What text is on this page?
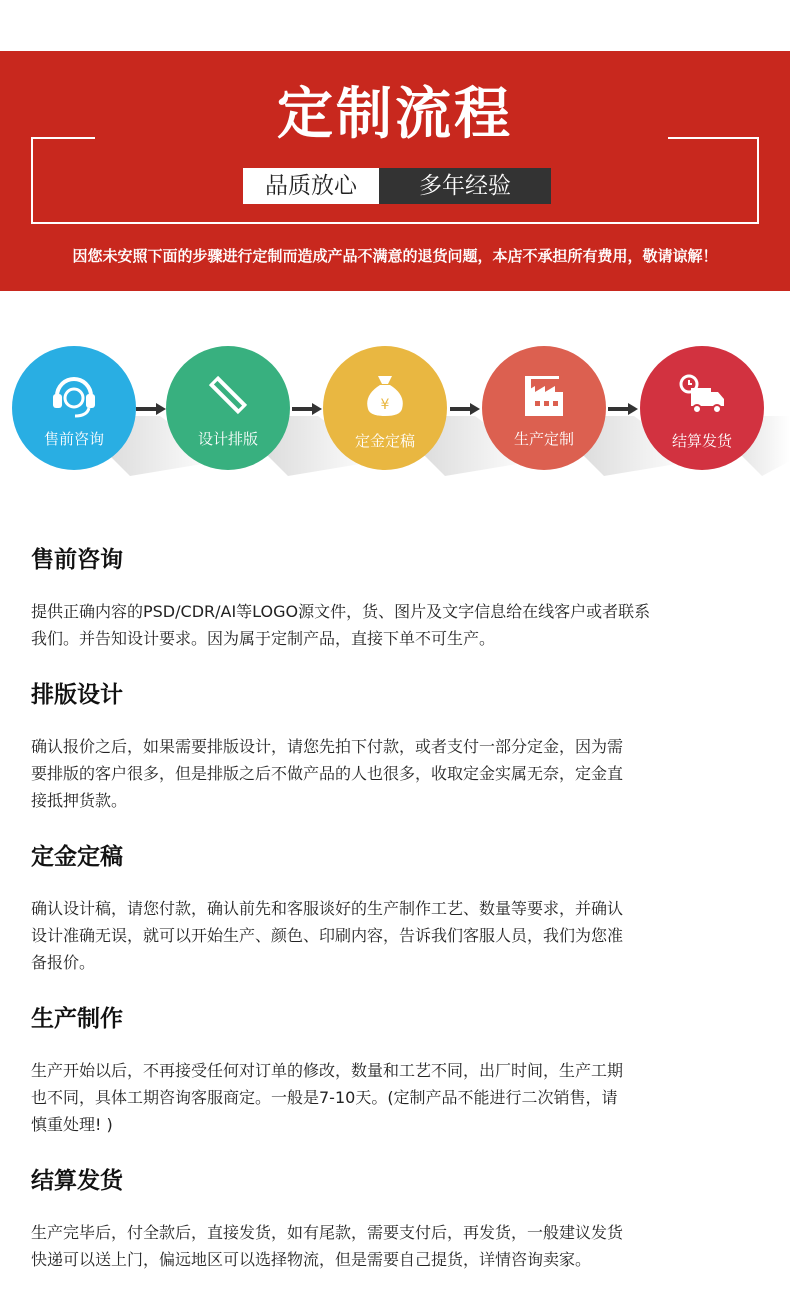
定制流程
品质放心	多年经验
因您未安照下面的步骤进行定制而造成产品不满意的退货问题，本店不承担所有费用，敬请谅解！
售前咨询	设计排版
¥
定金定稿	生产定制	结算发货
售前咨询
提供正确内容的PSD/CDR/AI等LOGO源文件，货、图片及文字信息给在线客户或者联系
我们。并告知设计要求。因为属于定制产品，直接下单不可生产。
排版设计
确认报价之后，如果需要排版设计，请您先拍下付款，或者支付一部分定金，因为需
要排版的客户很多，但是排版之后不做产品的人也很多，收取定金实属无奈，定金直
接抵押货款。
定金定稿
确认设计稿，请您付款，确认前先和客服谈好的生产制作工艺、数量等要求，并确认
设计准确无误，就可以开始生产、颜色、印刷内容，告诉我们客服人员，我们为您准
备报价。
生产制作
生产开始以后，不再接受任何对订单的修改，数量和工艺不同，出厂时间，生产工期
也不同，具体工期咨询客服商定。一般是7-10天。(定制产品不能进行二次销售，请
慎重处理! )
结算发货
生产完毕后，付全款后，直接发货，如有尾款，需要支付后，再发货，一般建议发货
快递可以送上门，偏远地区可以选择物流，但是需要自己提货，详情咨询卖家。
